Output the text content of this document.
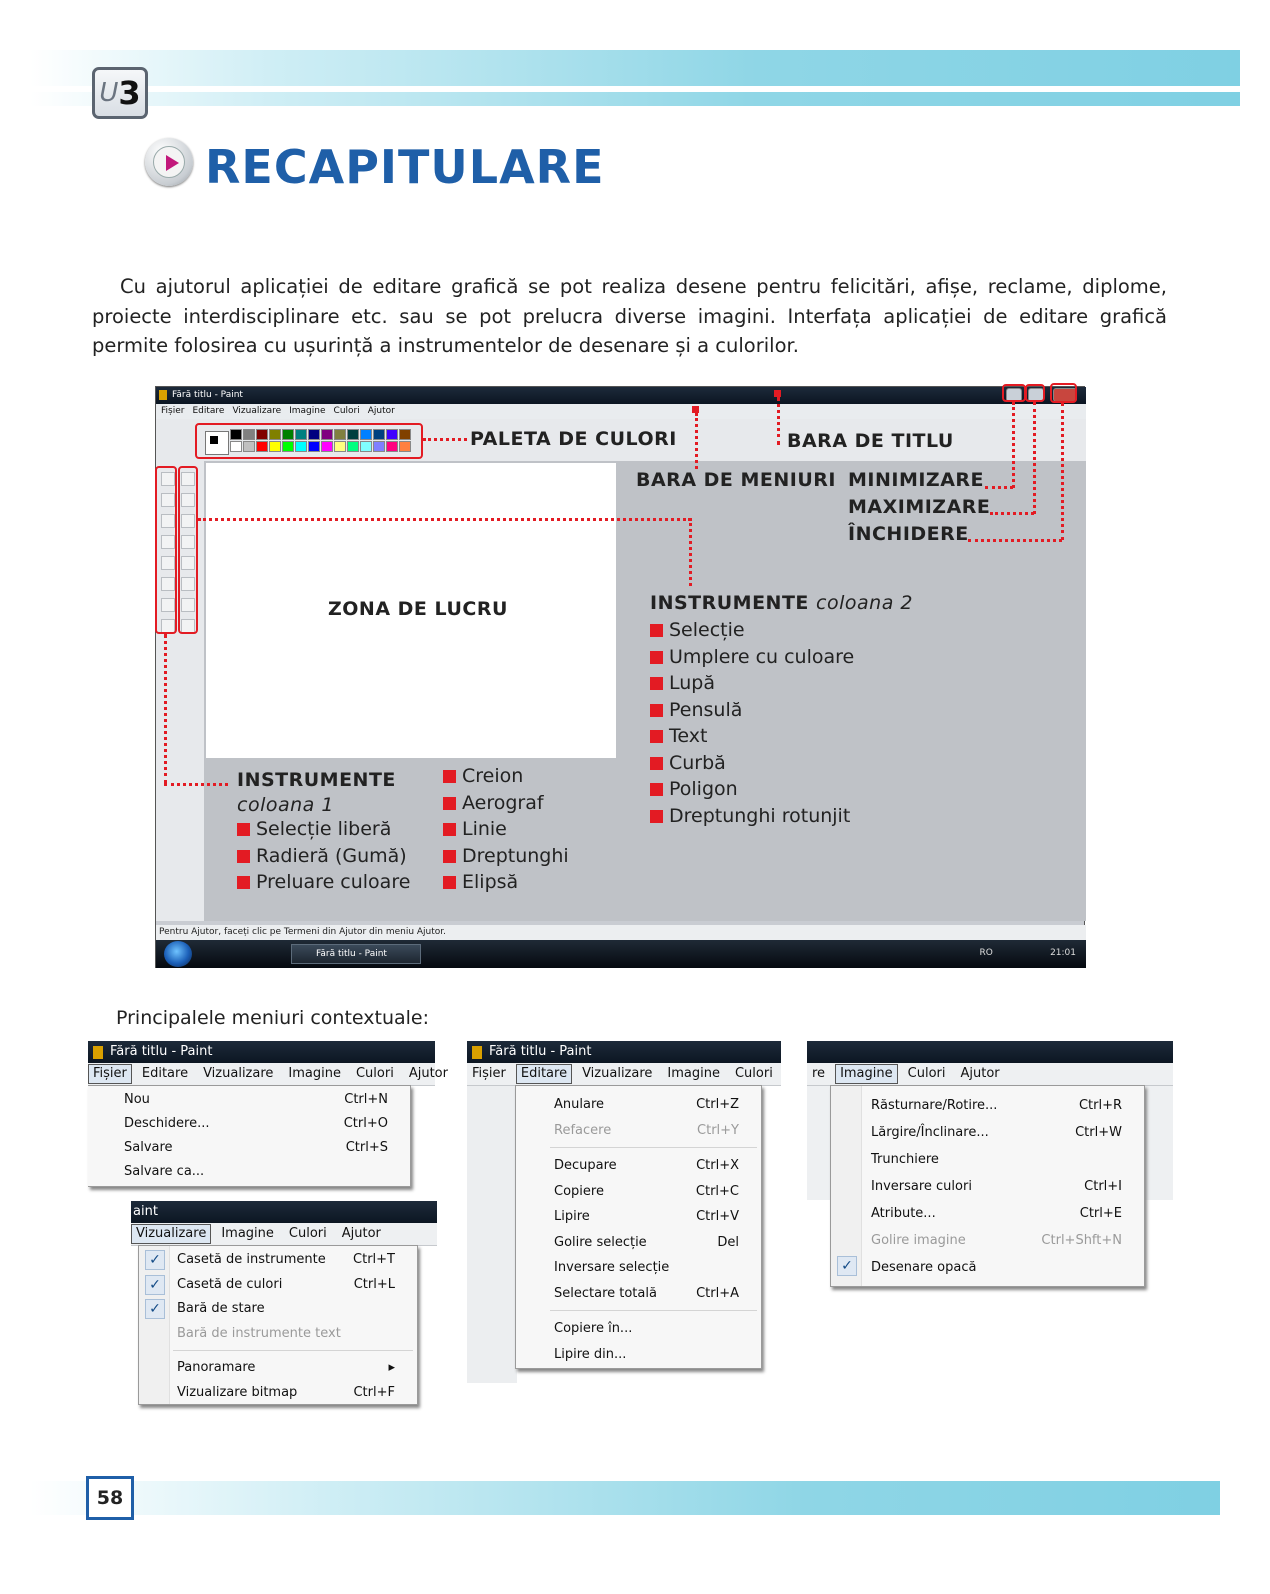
U 3
RECAPITULARE
Cu ajutorul aplicației de editare grafică se pot realiza desene pentru felicitări, afișe, reclame, diplome, proiecte interdisciplinare etc. sau se pot prelucra diverse imagini. Interfața aplicației de editare grafică permite folosirea cu ușurință a instrumentelor de desenare și a culorilor.
Fără titlu - Paint
Fișier Editare Vizualizare Imagine Culori Ajutor
Pentru Ajutor, faceți clic pe Termeni din Ajutor din meniu Ajutor.
Fără titlu - Paint	RO	21:01
PALETA DE CULORI	BARA DE TITLU
BARA DE MENIURI MINIMIZARE
MAXIMIZARE
ÎNCHIDERE
ZONA DE LUCRU	INSTRUMENTE coloana 2
Selecție
Umplere cu culoare
Lupă
Pensulă
Text
Curbă
Poligon
Dreptunghi rotunjit
INSTRUMENTE
coloana 1
Selecție liberă
Radieră (Gumă)
Preluare culoare
Creion
Aerograf
Linie
Dreptunghi
Elipsă
Principalele meniuri contextuale:
Fără titlu - Paint
Fișier Editare Vizualizare Imagine Culori Ajutor
Nou	Ctrl+N
Deschidere...	Ctrl+O
Salvare	Ctrl+S
Salvare ca...
aint
Vizualizare Imagine Culori Ajutor
✓	Casetă de instrumente Ctrl+T
✓	Casetă de culori	Ctrl+L
✓	Bară de stare
Bară de instrumente text
Panoramare	▸
Vizualizare bitmap	Ctrl+F
Fără titlu - Paint
Fișier Editare Vizualizare Imagine Culori
Anulare	Ctrl+Z
Refacere	Ctrl+Y
Decupare	Ctrl+X
Copiere	Ctrl+C
Lipire	Ctrl+V
Golire selecție	Del
Inversare selecție
Selectare totală	Ctrl+A
Copiere în...
Lipire din...
re Imagine Culori Ajutor
Răsturnare/Rotire...	Ctrl+R
Lărgire/Înclinare...	Ctrl+W
Trunchiere
Inversare culori	Ctrl+I
Atribute...	Ctrl+E
Golire imagine	Ctrl+Shft+N
✓	Desenare opacă
58
